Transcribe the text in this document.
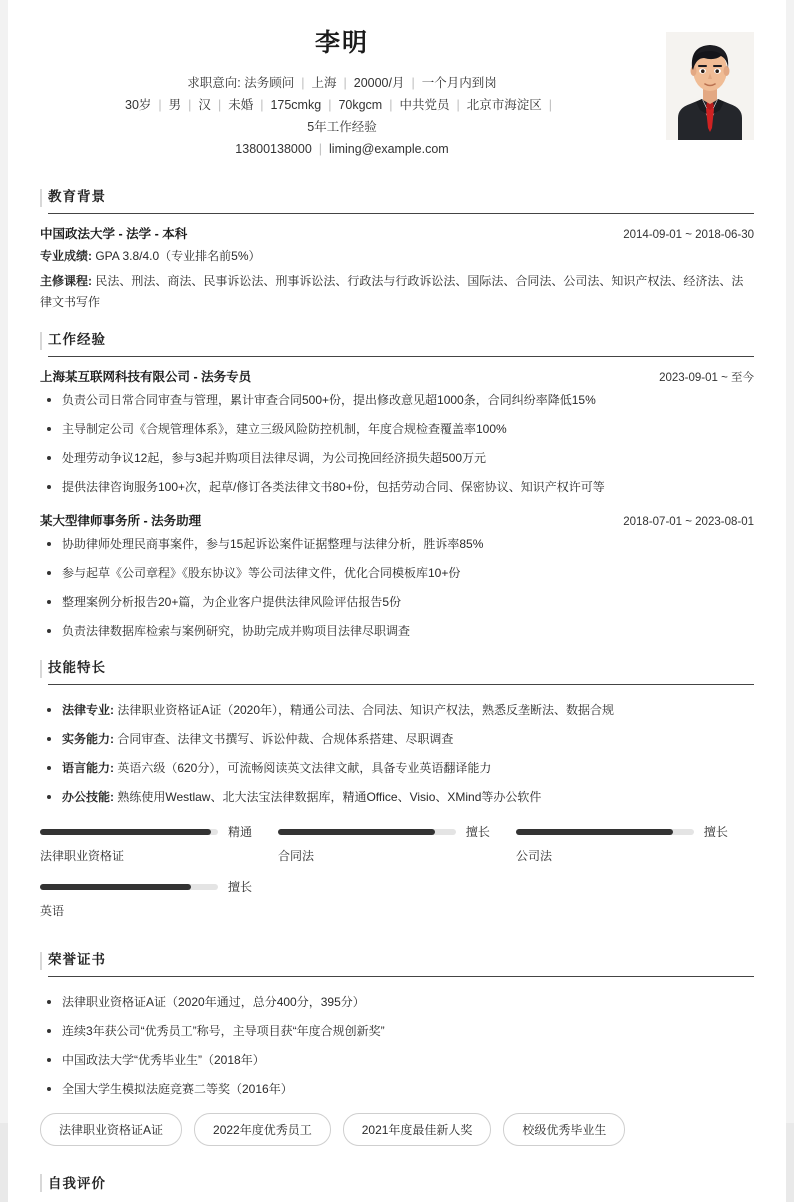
李明
求职意向: 法务顾问 | 上海 | 20000/月 | 一个月内到岗
30岁 | 男 | 汉 | 未婚 | 175cmkg | 70kgcm | 中共党员 | 北京市海淀区 |
5年工作经验
13800138000 | liming@example.com
教育背景
中国政法大学 - 法学 - 本科	2014-09-01 ~ 2018-06-30
专业成绩: GPA 3.8/4.0（专业排名前5%）
主修课程: 民法、刑法、商法、民事诉讼法、刑事诉讼法、行政法与行政诉讼法、国际法、合同法、公司法、知识产权法、经济法、法律文书写作
工作经验
上海某互联网科技有限公司 - 法务专员	2023-09-01 ~ 至今
负责公司日常合同审查与管理，累计审查合同500+份，提出修改意见超1000条，合同纠纷率降低15%
主导制定公司《合规管理体系》，建立三级风险防控机制，年度合规检查覆盖率100%
处理劳动争议12起，参与3起并购项目法律尽调，为公司挽回经济损失超500万元
提供法律咨询服务100+次，起草/修订各类法律文书80+份，包括劳动合同、保密协议、知识产权许可等
某大型律师事务所 - 法务助理	2018-07-01 ~ 2023-08-01
协助律师处理民商事案件，参与15起诉讼案件证据整理与法律分析，胜诉率85%
参与起草《公司章程》《股东协议》等公司法律文件，优化合同模板库10+份
整理案例分析报告20+篇，为企业客户提供法律风险评估报告5份
负责法律数据库检索与案例研究，协助完成并购项目法律尽职调查
技能特长
法律专业: 法律职业资格证A证（2020年），精通公司法、合同法、知识产权法，熟悉反垄断法、数据合规
实务能力: 合同审查、法律文书撰写、诉讼仲裁、合规体系搭建、尽职调查
语言能力: 英语六级（620分），可流畅阅读英文法律文献，具备专业英语翻译能力
办公技能: 熟练使用Westlaw、北大法宝法律数据库，精通Office、Visio、XMind等办公软件
精通
法律职业资格证
擅长
合同法
擅长
公司法
擅长
英语
荣誉证书
法律职业资格证A证（2020年通过，总分400分，395分）
连续3年获公司“优秀员工”称号，主导项目获“年度合规创新奖”
中国政法大学“优秀毕业生”（2018年）
全国大学生模拟法庭竞赛二等奖（2016年）
法律职业资格证A证	2022年度优秀员工	2021年度最佳新人奖	校级优秀毕业生
自我评价
